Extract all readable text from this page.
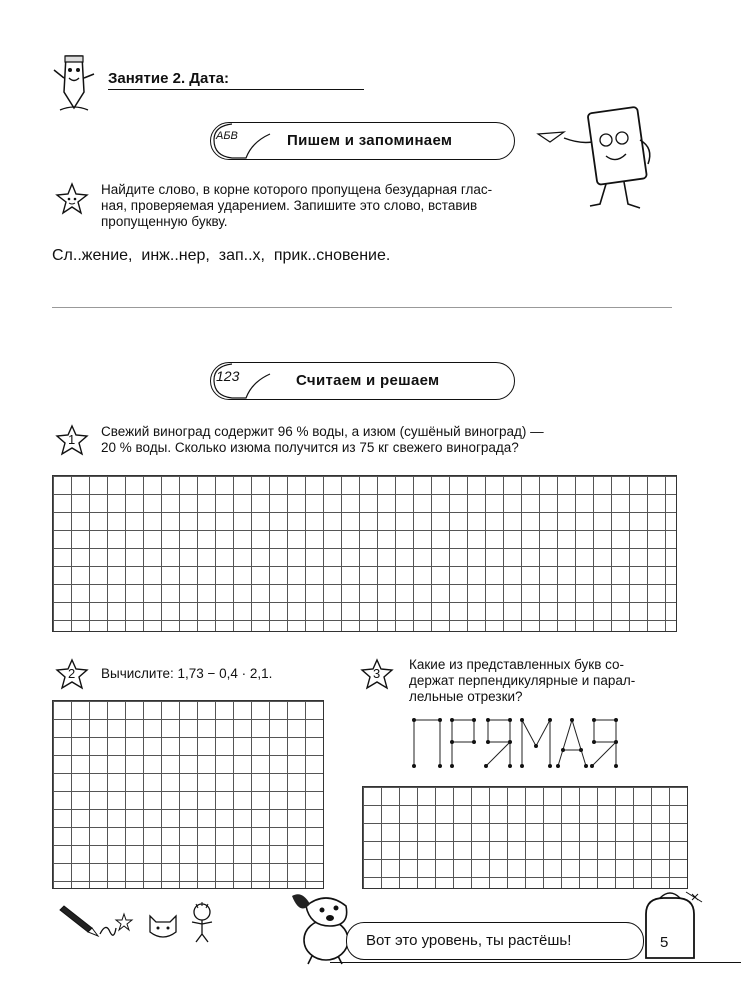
Занятие 2. Дата:
АБВ	Пишем и запоминаем
Найдите слово, в корне которого пропущена безударная глас-
ная, проверяемая ударением. Запишите это слово, вставив
пропущенную букву.
Сл..жение,  инж..нер,  зап..х,  прик..сновение.
123	Считаем и решаем
1
Свежий виноград содержит 96 % воды, а изюм (сушёный виноград) —
20 % воды. Сколько изюма получится из 75 кг свежего винограда?
2 Вычислите: 1,73 − 0,4 · 2,1.	3
Какие из представленных букв со-
держат перпендикулярные и парал-
лельные отрезки?
Вот это уровень, ты растёшь!	5
